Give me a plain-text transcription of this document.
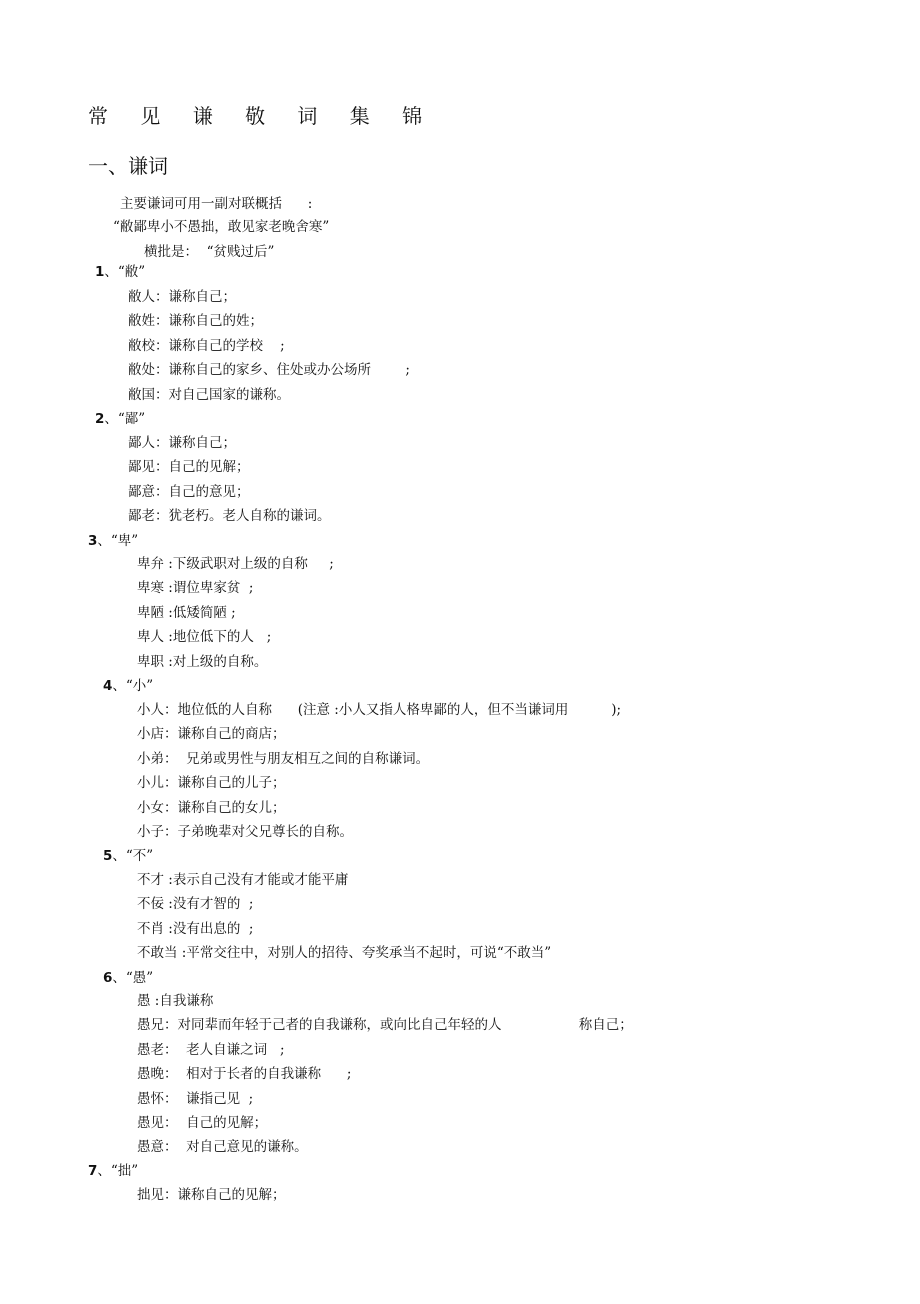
常 见 谦 敬 词 集 锦
一、谦词
主要谦词可用一副对联概括      :
“敝鄙卑小不愚拙，敢见家老晚舍寒”
横批是：  “贫贱过后”
1、“敝”
敝人：谦称自己；
敝姓：谦称自己的姓；
敝校：谦称自己的学校    ;
敝处：谦称自己的家乡、住处或办公场所        ;
敝国：对自己国家的谦称。
2、“鄙”
鄙人：谦称自己；
鄙见：自己的见解；
鄙意：自己的意见；
鄙老：犹老朽。老人自称的谦词。
3、“卑”
卑弁 :下级武职对上级的自称     ;
卑寒 :谓位卑家贫  ;
卑陋 :低矮简陋 ;
卑人 :地位低下的人   ;
卑职 :对上级的自称。
4、“小”
小人：地位低的人自称      (注意 :小人又指人格卑鄙的人，但不当谦词用          );
小店：谦称自己的商店；
小弟：  兄弟或男性与朋友相互之间的自称谦词。
小儿：谦称自己的儿子；
小女：谦称自己的女儿；
小子：子弟晚辈对父兄尊长的自称。
5、“不”
不才 :表示自己没有才能或才能平庸
不佞 :没有才智的  ;
不肖 :没有出息的  ;
不敢当 :平常交往中，对别人的招待、夸奖承当不起时，可说“不敢当”
6、“愚”
愚 :自我谦称
愚兄：对同辈而年轻于己者的自我谦称，或向比自己年轻的人                  称自己；
愚老：  老人自谦之词   ;
愚晚：  相对于长者的自我谦称      ;
愚怀：  谦指己见  ;
愚见：  自己的见解；
愚意：  对自己意见的谦称。
7、“拙”
拙见：谦称自己的见解；
